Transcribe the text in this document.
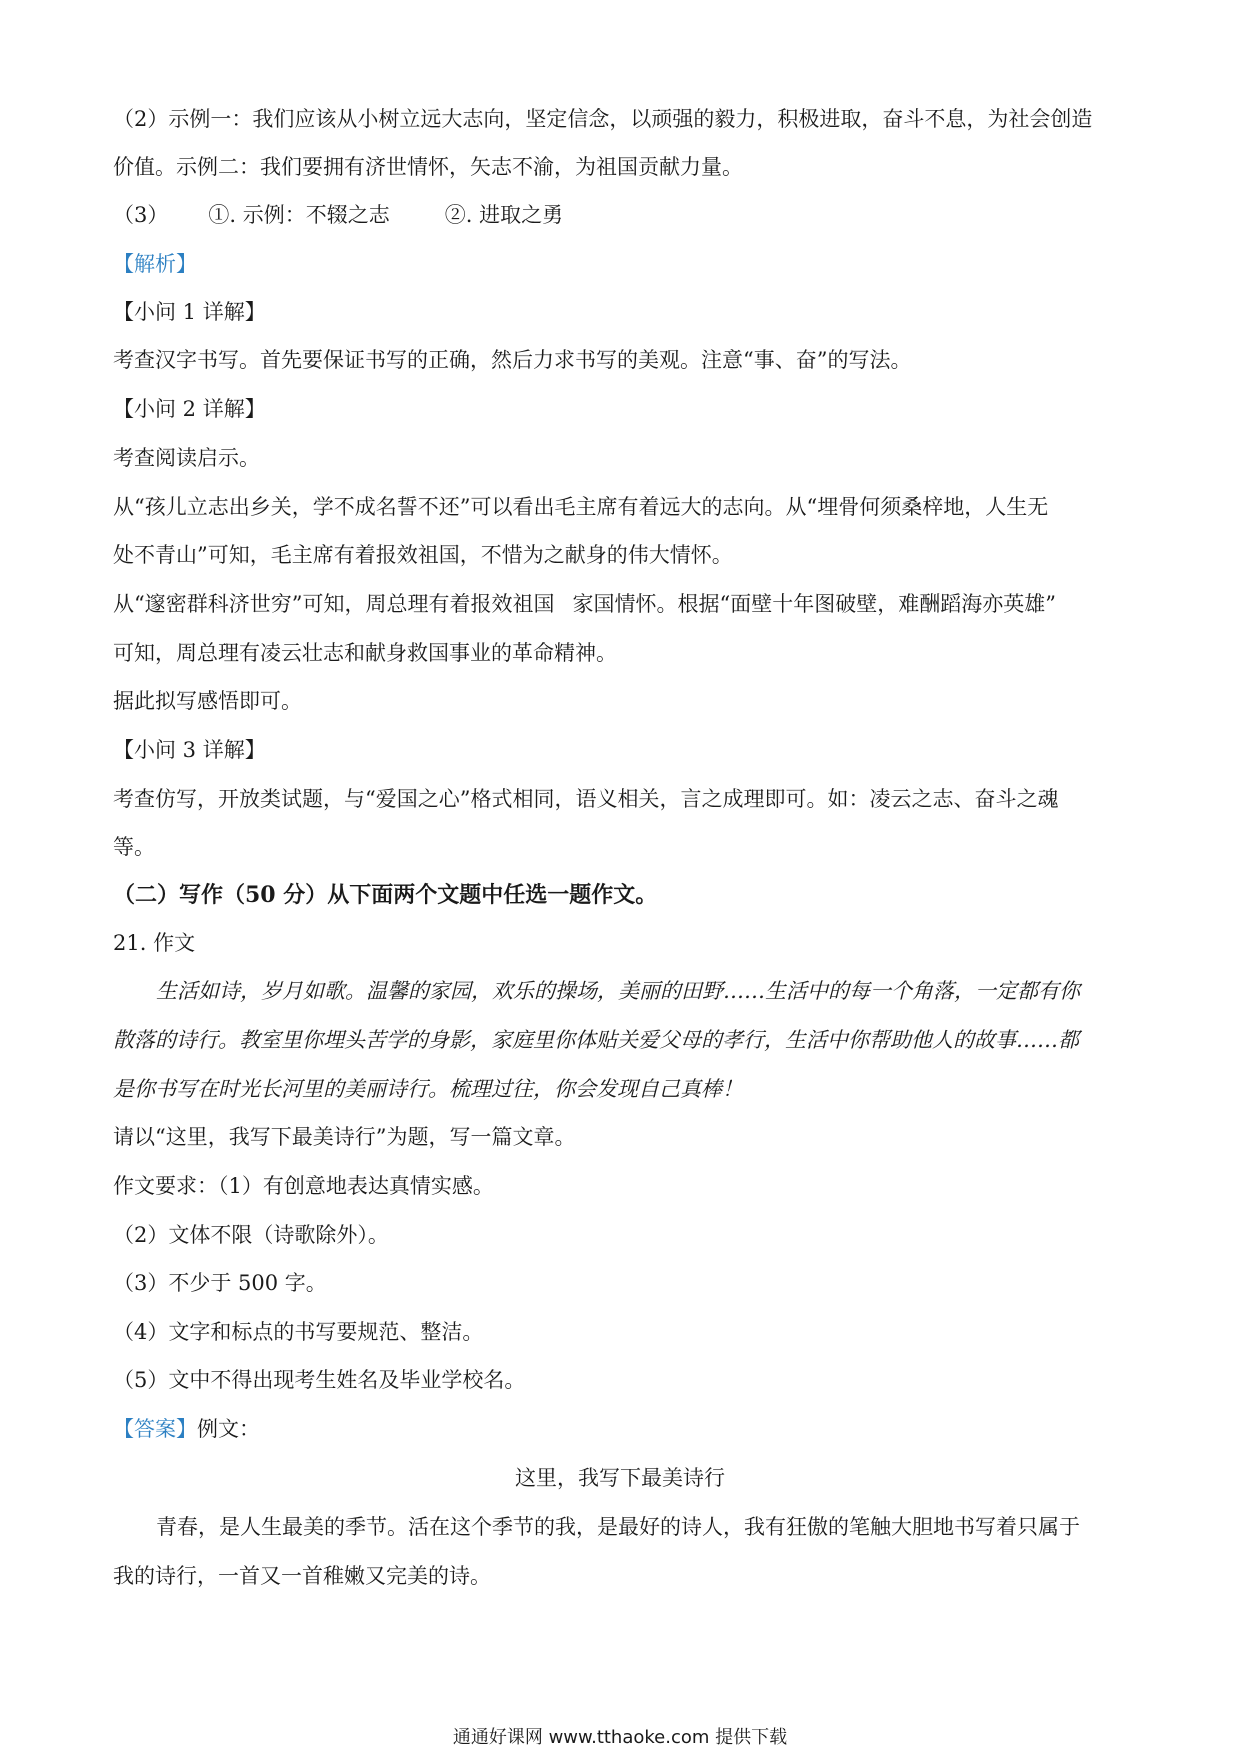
（2）示例一：我们应该从小树立远大志向，坚定信念，以顽强的毅力，积极进取，奋斗不息，为社会创造
价值。示例二：我们要拥有济世情怀，矢志不渝，为祖国贡献力量。
（3） ①. 示例：不辍之志	②. 进取之勇
【解析】
【小问 1 详解】
考查汉字书写。首先要保证书写的正确，然后力求书写的美观。注意“事、奋”的写法。
【小问 2 详解】
考查阅读启示。
从“孩儿立志出乡关，学不成名誓不还”可以看出毛主席有着远大的志向。从“埋骨何须桑梓地，人生无
处不青山”可知，毛主席有着报效祖国，不惜为之献身的伟大情怀。
从“邃密群科济世穷”可知，周总理有着报效祖国 家国情怀。根据“面壁十年图破壁，难酬蹈海亦英雄”
可知，周总理有凌云壮志和献身救国事业的革命精神。
据此拟写感悟即可。
【小问 3 详解】
考查仿写，开放类试题，与“爱国之心”格式相同，语义相关，言之成理即可。如：凌云之志、奋斗之魂
等。
（二）写作（50 分）从下面两个文题中任选一题作文。
21. 作文
生活如诗，岁月如歌。温馨的家园，欢乐的操场，美丽的田野……生活中的每一个角落，一定都有你
散落的诗行。教室里你埋头苦学的身影，家庭里你体贴关爱父母的孝行，生活中你帮助他人的故事……都
是你书写在时光长河里的美丽诗行。梳理过往，你会发现自己真棒！
请以“这里，我写下最美诗行”为题，写一篇文章。
作文要求：（1）有创意地表达真情实感。
（2）文体不限（诗歌除外）。
（3）不少于 500 字。
（4）文字和标点的书写要规范、整洁。
（5）文中不得出现考生姓名及毕业学校名。
【答案】例文：
这里，我写下最美诗行
青春，是人生最美的季节。活在这个季节的我，是最好的诗人，我有狂傲的笔触大胆地书写着只属于
我的诗行，一首又一首稚嫩又完美的诗。
通通好课网 www.tthaoke.com 提供下载
